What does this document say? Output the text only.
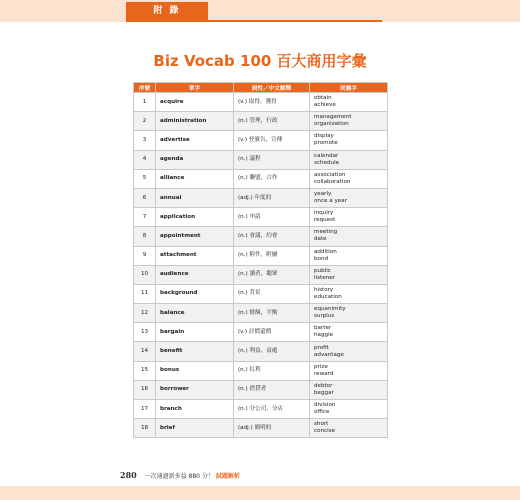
附 錄
Biz Vocab 100 百大商用字彙
序號	單字	詞性／中文解釋	同義字
1	acquire	(v.) 取得，獲得	obtain
achieve

2	administration	(n.) 管理，行政	management
organization

3	advertise	(v.) 登廣告，宣傳	display
promote

4	agenda	(n.) 議程	calendar
schedule

5	alliance	(n.) 聯盟，合作	association
collaboration

6	annual	(adj.) 年度的	yearly
once a year

7	application	(n.) 申請	inquiry
request

8	appointment	(n.) 會議，約會	meeting
date

9	attachment	(n.) 附件，附屬	addition
bond

10	audience	(n.) 讀者，聽眾	public
listener

11	background	(n.) 背景	history
education

12	balance	(n.) 餘額，平衡	equanimity
surplus

13	bargain	(v.) 討價還價	barter
haggle

14	benefit	(n.) 利益，益處	profit
advantage

15	bonus	(n.) 紅利	prize
reward

16	borrower	(n.) 借貸者	debtor
beggar

17	branch	(n.) 分公司，分店	division
office

18	brief	(adj.) 簡明的	short
concise
280 一次通過新多益 880 分！ 試題解析
